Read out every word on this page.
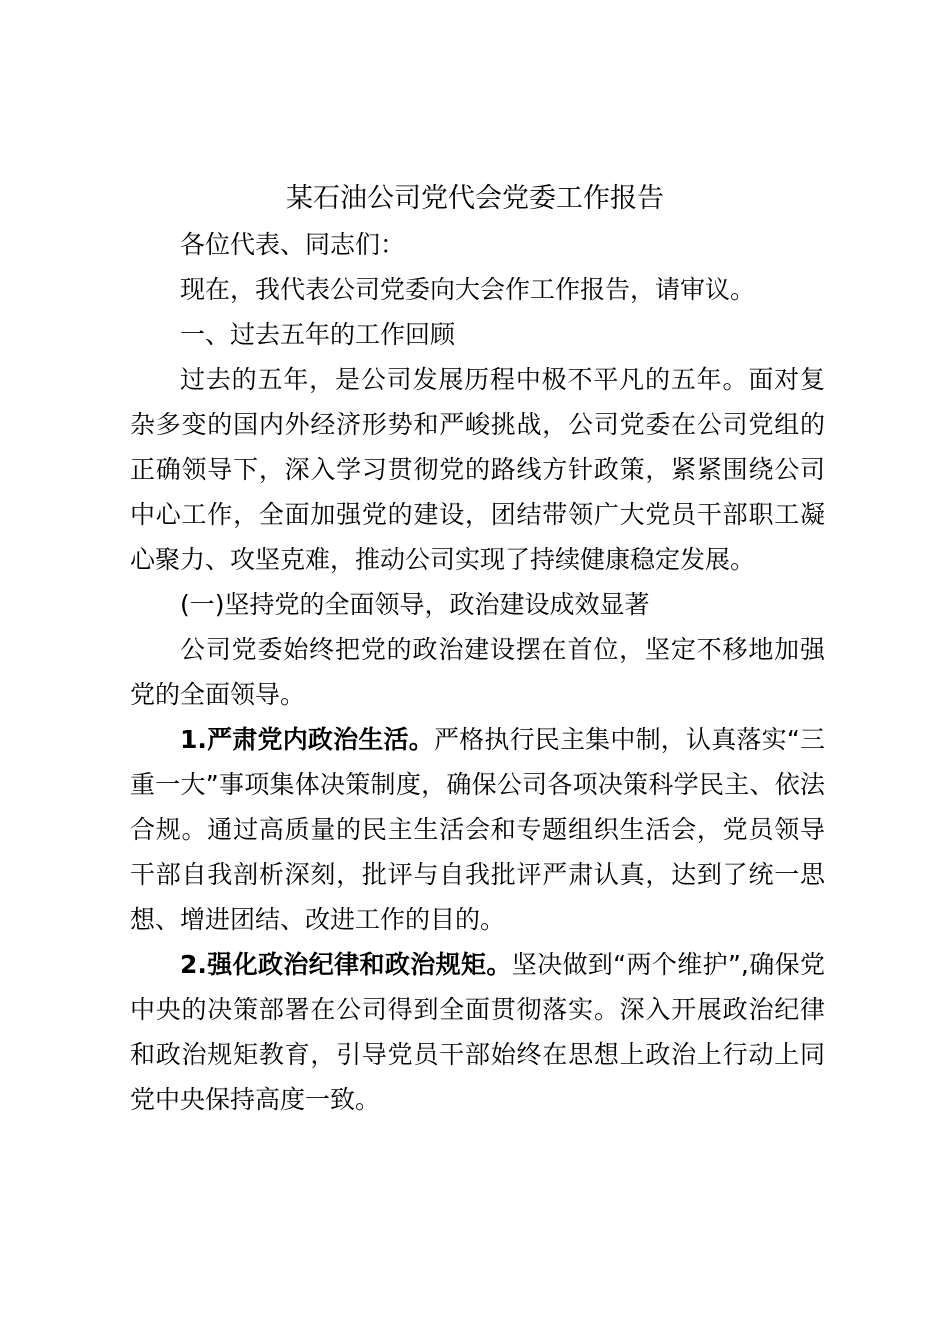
某石油公司党代会党委工作报告

各位代表、同志们：

现在，我代表公司党委向大会作工作报告，请审议。

一、过去五年的工作回顾

过去的五年，是公司发展历程中极不平凡的五年。面对复杂多变的国内外经济形势和严峻挑战，公司党委在公司党组的正确领导下，深入学习贯彻党的路线方针政策，紧紧围绕公司中心工作，全面加强党的建设，团结带领广大党员干部职工凝心聚力、攻坚克难，推动公司实现了持续健康稳定发展。

(一)坚持党的全面领导，政治建设成效显著

公司党委始终把党的政治建设摆在首位，坚定不移地加强党的全面领导。

1.严肃党内政治生活。严格执行民主集中制，认真落实“三重一大”事项集体决策制度，确保公司各项决策科学民主、依法合规。通过高质量的民主生活会和专题组织生活会，党员领导干部自我剖析深刻，批评与自我批评严肃认真，达到了统一思想、增进团结、改进工作的目的。

2.强化政治纪律和政治规矩。坚决做到“两个维护”,确保党中央的决策部署在公司得到全面贯彻落实。深入开展政治纪律和政治规矩教育，引导党员干部始终在思想上政治上行动上同党中央保持高度一致。
